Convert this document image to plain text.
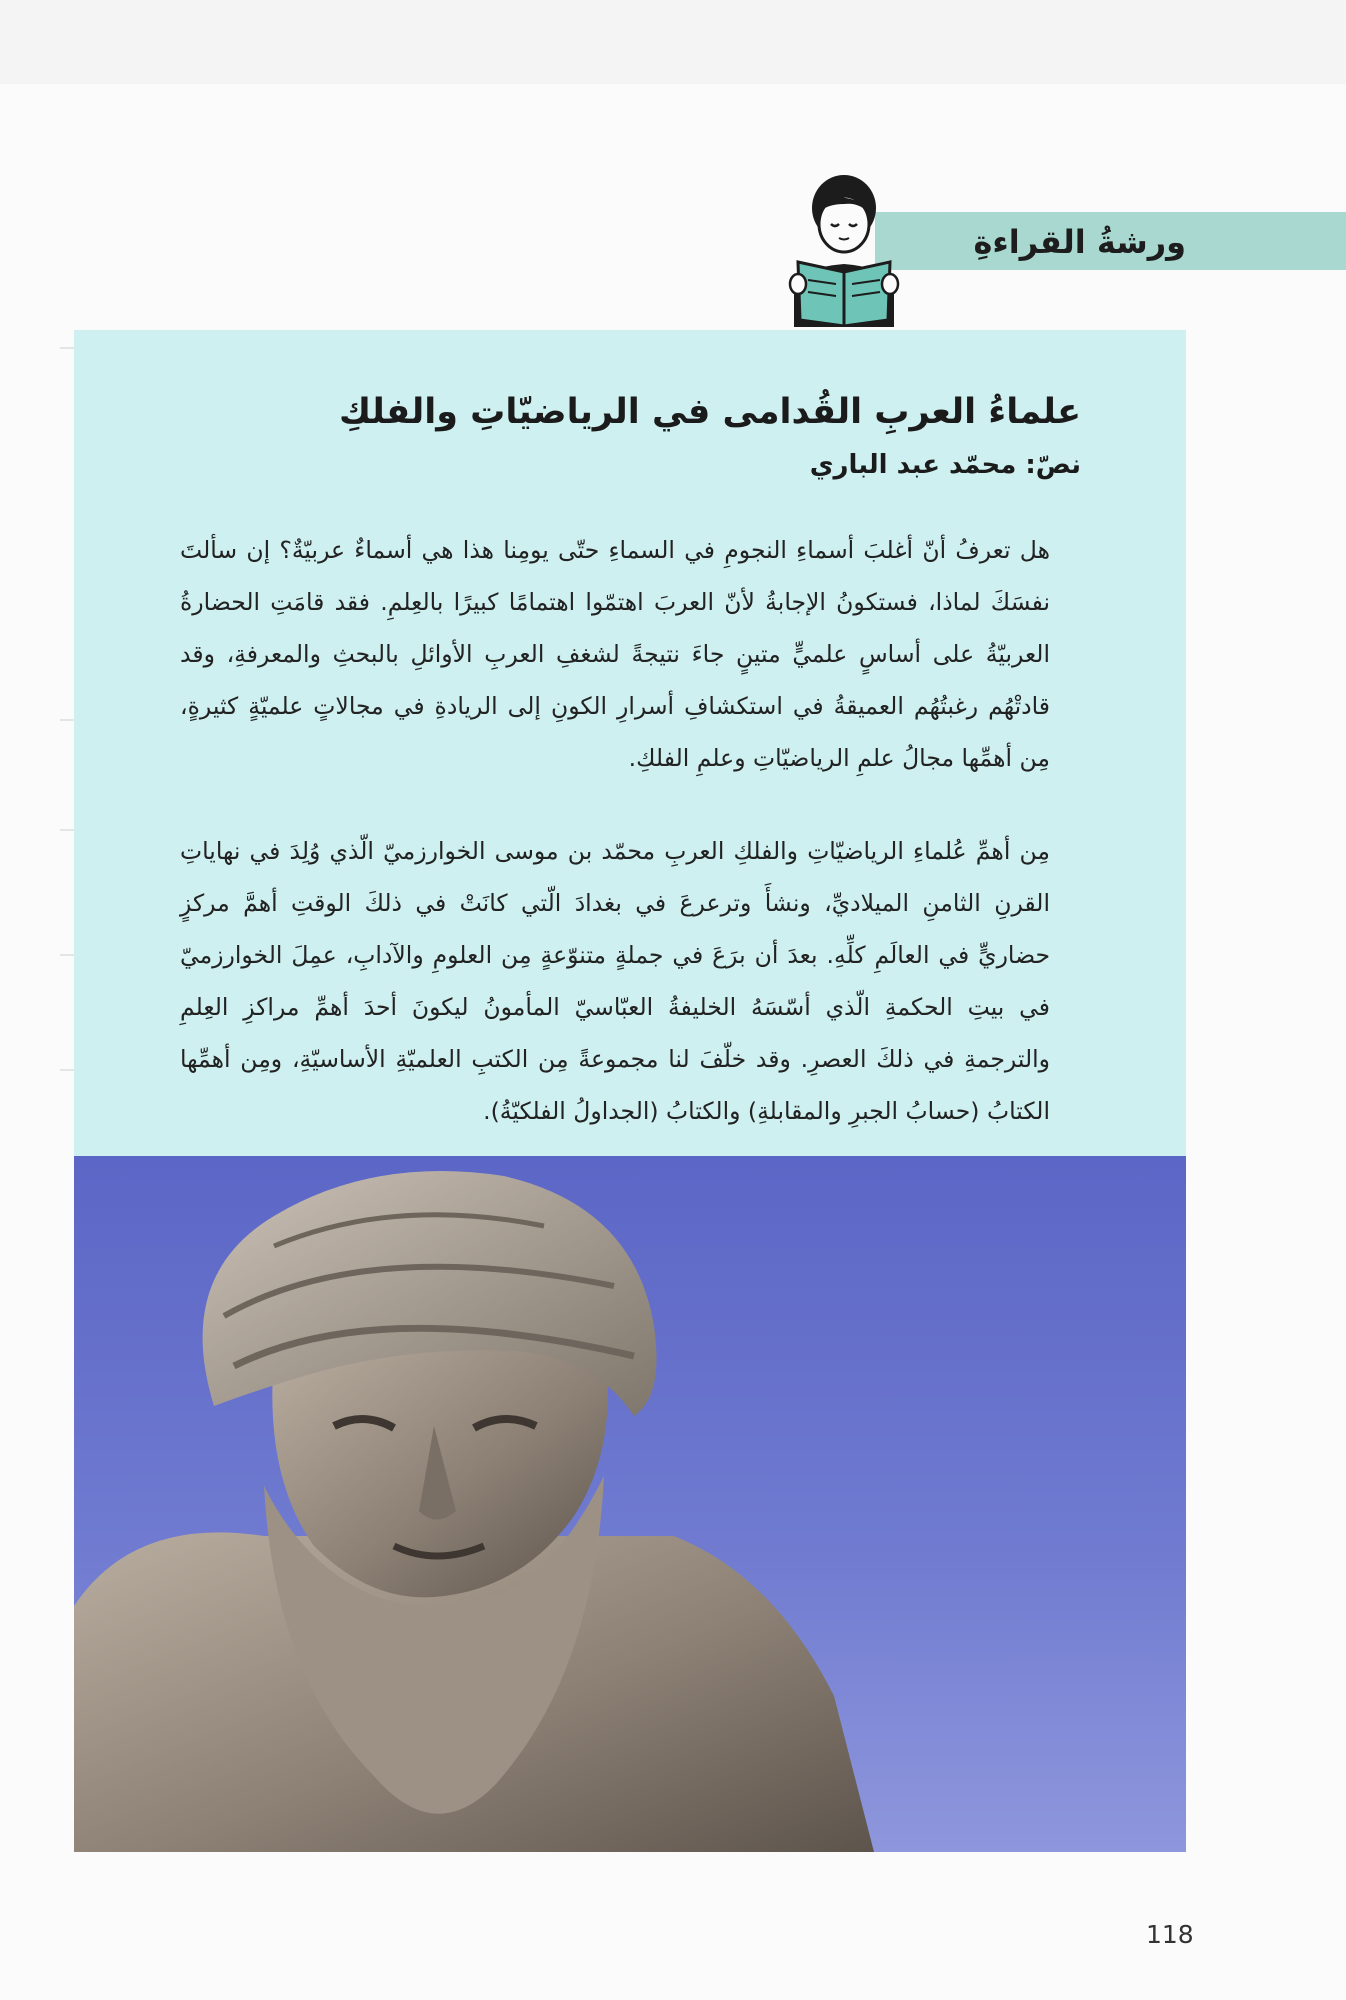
ورشةُ القراءةِ
علماءُ العربِ القُدامى في الرياضيّاتِ والفلكِ
نصّ: محمّد عبد الباري

هل تعرفُ أنّ أغلبَ أسماءِ النجومِ في السماءِ حتّى يومِنا هذا هي أسماءٌ عربيّةٌ؟ إن سألتَ نفسَكَ لماذا، فستكونُ الإجابةُ لأنّ العربَ اهتمّوا اهتمامًا كبيرًا بالعِلمِ. فقد قامَتِ الحضارةُ العربيّةُ على أساسٍ علميٍّ متينٍ جاءَ نتيجةً لشغفِ العربِ الأوائلِ بالبحثِ والمعرفةِ، وقد قادتْهُم رغبتُهُم العميقةُ في استكشافِ أسرارِ الكونِ إلى الريادةِ في مجالاتٍ علميّةٍ كثيرةٍ، مِن أهمِّها مجالُ علمِ الرياضيّاتِ وعلمِ الفلكِ.

مِن أهمِّ عُلماءِ الرياضيّاتِ والفلكِ العربِ محمّد بن موسى الخوارزميّ الّذي وُلِدَ في نهاياتِ القرنِ الثامنِ الميلاديِّ، ونشأَ وترعرعَ في بغدادَ الّتي كانَتْ في ذلكَ الوقتِ أهمَّ مركزٍ حضاريٍّ في العالَمِ كلِّهِ. بعدَ أن برَعَ في جملةٍ متنوّعةٍ مِن العلومِ والآدابِ، عمِلَ الخوارزميّ في بيتِ الحكمةِ الّذي أسّسَهُ الخليفةُ العبّاسيّ المأمونُ ليكونَ أحدَ أهمِّ مراكزِ العِلمِ والترجمةِ في ذلكَ العصرِ. وقد خلّفَ لنا مجموعةً مِن الكتبِ العلميّةِ الأساسيّةِ، ومِن أهمِّها الكتابُ (حسابُ الجبرِ والمقابلةِ) والكتابُ (الجداولُ الفلكيّةُ).

118
